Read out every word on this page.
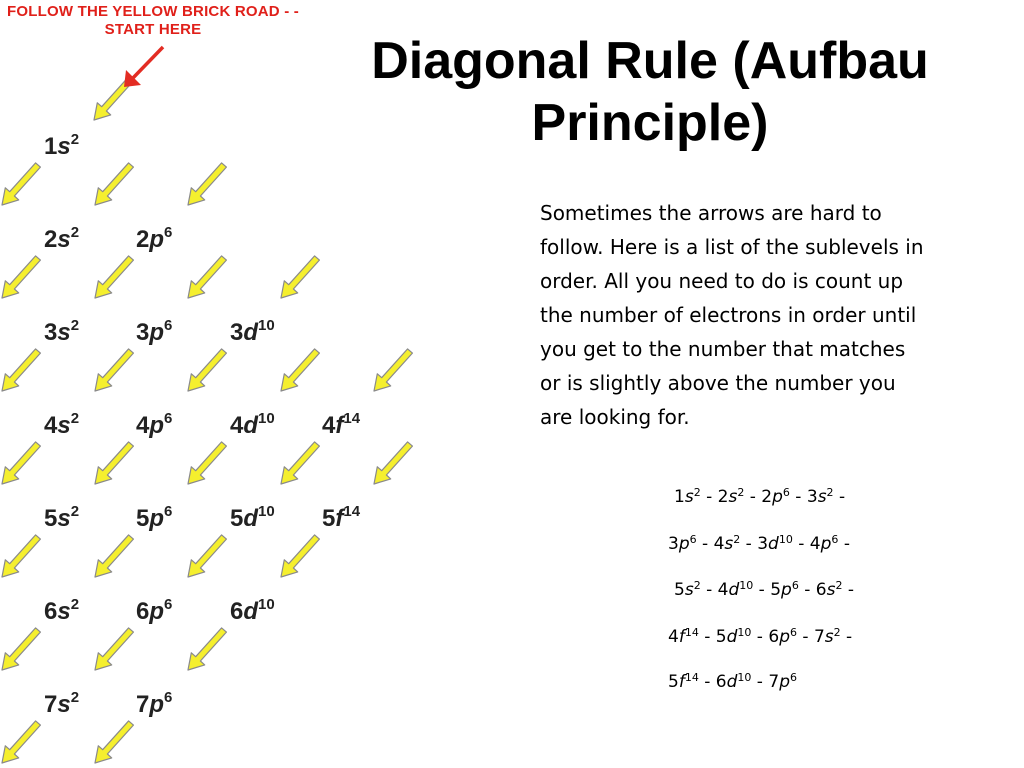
FOLLOW THE YELLOW BRICK ROAD - -
START HERE
$1s^2$
$2s^2$ $2p^6$
$3s^2$ $3p^6$ $3d^{10}$
$4s^2$ $4p^6$ $4d^{10}$ $4f^{14}$
$5s^2$ $5p^6$ $5d^{10}$ $5f^{14}$
$6s^2$ $6p^6$ $6d^{10}$
$7s^2$ $7p^6$
Diagonal Rule (Aufbau
Principle)
Sometimes the arrows are hard to
follow. Here is a list of the sublevels in
order. All you need to do is count up
the number of electrons in order until
you get to the number that matches
or is slightly above the number you
are looking for.
$1s^2 - 2s^2 - 2p^6 - 3s^2$ -
$3p^6 - 4s^2 - 3d^{10} - 4p^6$ -
$5s^2 - 4d^{10} - 5p^6 - 6s^2$ -
$4f^{14} - 5d^{10} - 6p^6 - 7s^2$ -
$5f^{14} - 6d^{10} - 7p^6$
